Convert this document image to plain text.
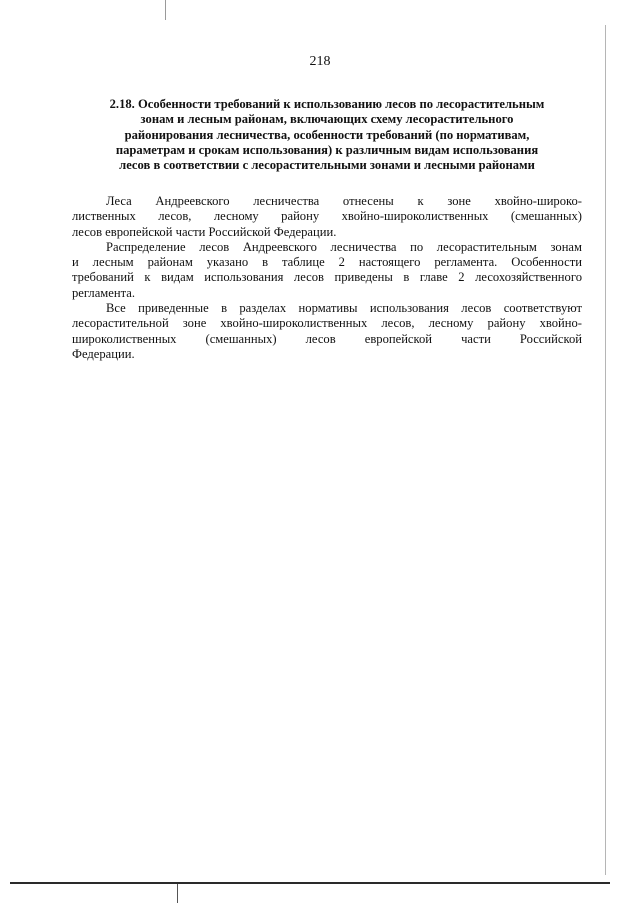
218
2.18. Особенности требований к использованию лесов по лесорастительным
зонам и лесным районам, включающих схему лесорастительного
районирования лесничества, особенности требований (по нормативам,
параметрам и срокам использования) к различным видам использования
лесов в соответствии с лесорастительными зонами и лесными районами

Леса Андреевского лесничества отнесены к зоне хвойно-широко-
лиственных лесов, лесному району хвойно-широколиственных (смешанных)
лесов европейской части Российской Федерации.

Распределение лесов Андреевского лесничества по лесорастительным зонам
и лесным районам указано в таблице 2 настоящего регламента. Особенности
требований к видам использования лесов приведены в главе 2 лесохозяйственного
регламента.

Все приведенные в разделах нормативы использования лесов соответствуют
лесорастительной зоне хвойно-широколиственных лесов, лесному району хвойно-
широколиственных (смешанных) лесов европейской части Российской
Федерации.
